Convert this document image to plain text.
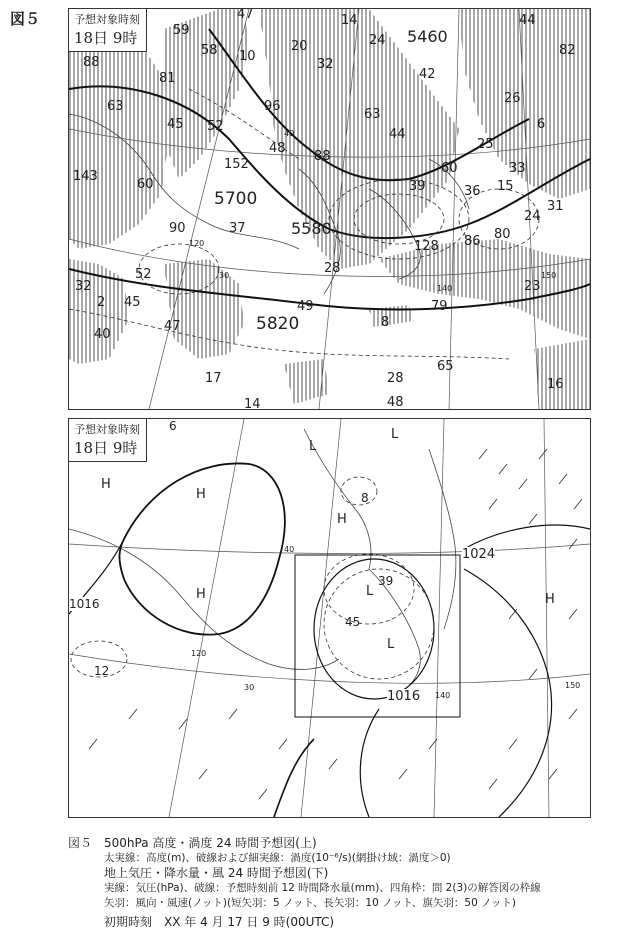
図５
5700
5820
5580
5460
59
58
47
10
20
14
24
44
82
88
81
32
52
96
63
42
63
26
60
152
45
88
44
39	36
33
6
48
37
90
60
128 86 80
31
15
24
25
52
32
2 45
40
49
8
79
23
47
65
17	28
48
14
16
28
143
40
30
120
140
150
予想対象時刻
18日 9時
H
H
H
H
L
L
L
L
H
1024
1016
1016
8
39
45
12
6
40
30
120
140
150
予想対象時刻
18日 9時
図５　500hPa 高度・渦度 24 時間予想図(上)
太実線：高度(m)、破線および細実線：渦度(10⁻⁶/s)(網掛け域：渦度＞0)
地上気圧・降水量・風 24 時間予想図(下)
実線：気圧(hPa)、破線：予想時刻前 12 時間降水量(mm)、四角枠：問 2(3)の解答図の枠線
矢羽：風向・風速(ノット)(短矢羽：5 ノット、長矢羽：10 ノット、旗矢羽：50 ノット)
初期時刻　XX 年 4 月 17 日 9 時(00UTC)
